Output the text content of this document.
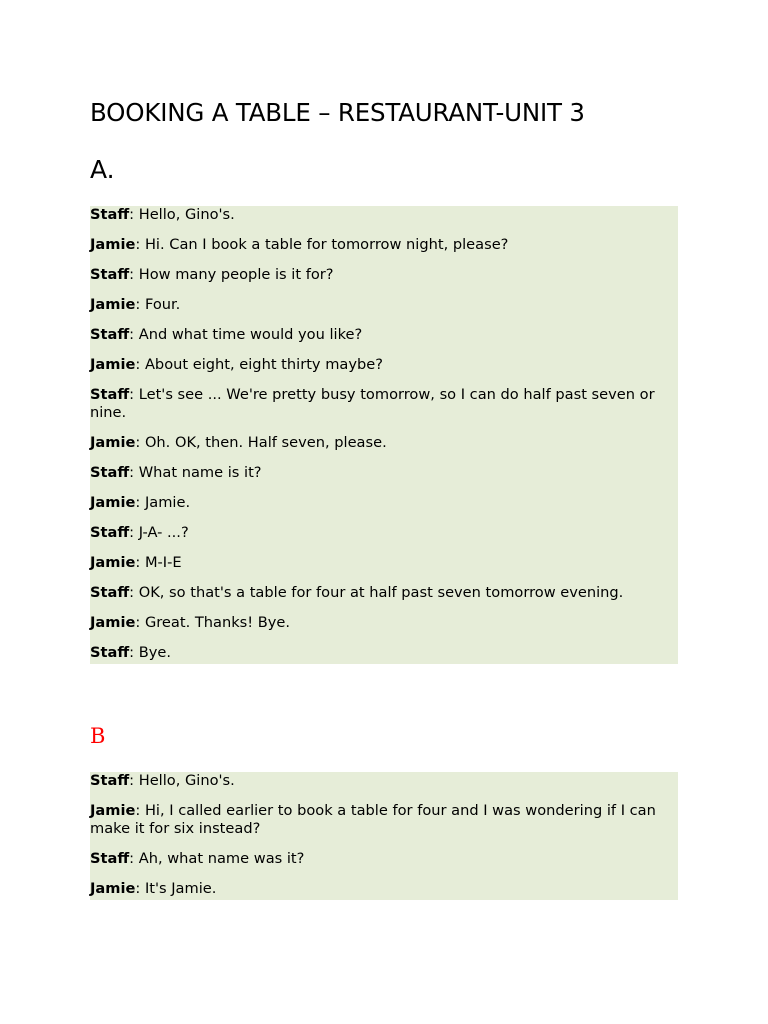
BOOKING A TABLE – RESTAURANT-UNIT 3
A.
Staff: Hello, Gino's.
Jamie: Hi. Can I book a table for tomorrow night, please?
Staff: How many people is it for?
Jamie: Four.
Staff: And what time would you like?
Jamie: About eight, eight thirty maybe?
Staff: Let's see ... We're pretty busy tomorrow, so I can do half past seven or nine.
Jamie: Oh. OK, then. Half seven, please.
Staff: What name is it?
Jamie: Jamie.
Staff: J-A- ...?
Jamie: M-I-E
Staff: OK, so that's a table for four at half past seven tomorrow evening.
Jamie: Great. Thanks! Bye.
Staff: Bye.
B
Staff: Hello, Gino's.
Jamie: Hi, I called earlier to book a table for four and I was wondering if I can make it for six instead?
Staff: Ah, what name was it?
Jamie: It's Jamie.
